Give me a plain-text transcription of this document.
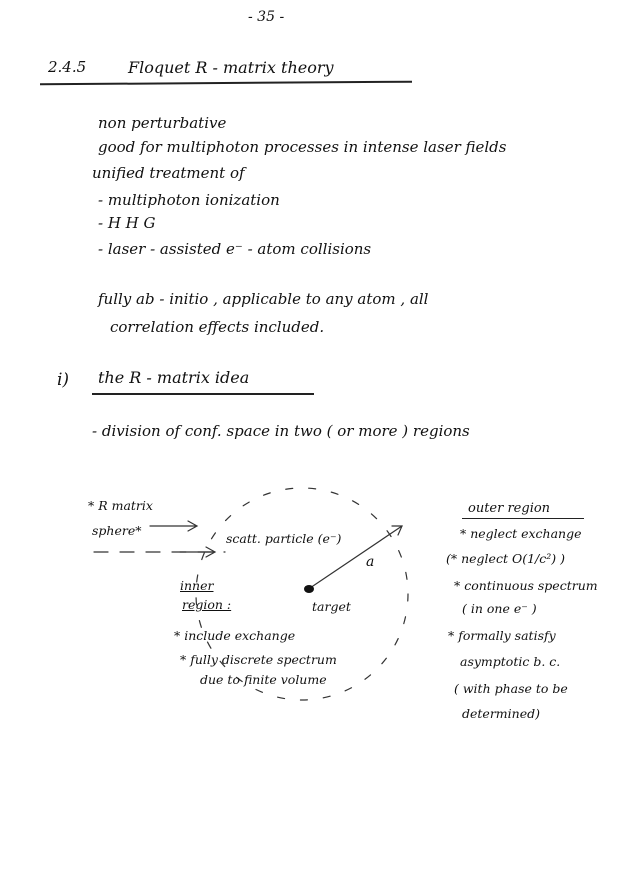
- 35 -
2.4.5	Floquet R - matrix theory
non perturbative
good for multiphoton processes in intense laser fields
unified treatment of
- multiphoton ionization
- H H G
- laser - assisted e⁻ - atom collisions
fully ab - initio , applicable to any atom , all
correlation effects included.
i) the R - matrix idea
- division of conf. space in two ( or more ) regions
* R matrix
sphere*
scatt. particle (e⁻)
a
inner
region :	target
* include exchange
* fully discrete spectrum
due to finite volume
outer region
* neglect exchange
(* neglect O(1/c²) )
* continuous spectrum
( in one e⁻ )
* formally satisfy
asymptotic b. c.
( with phase to be
determined)
